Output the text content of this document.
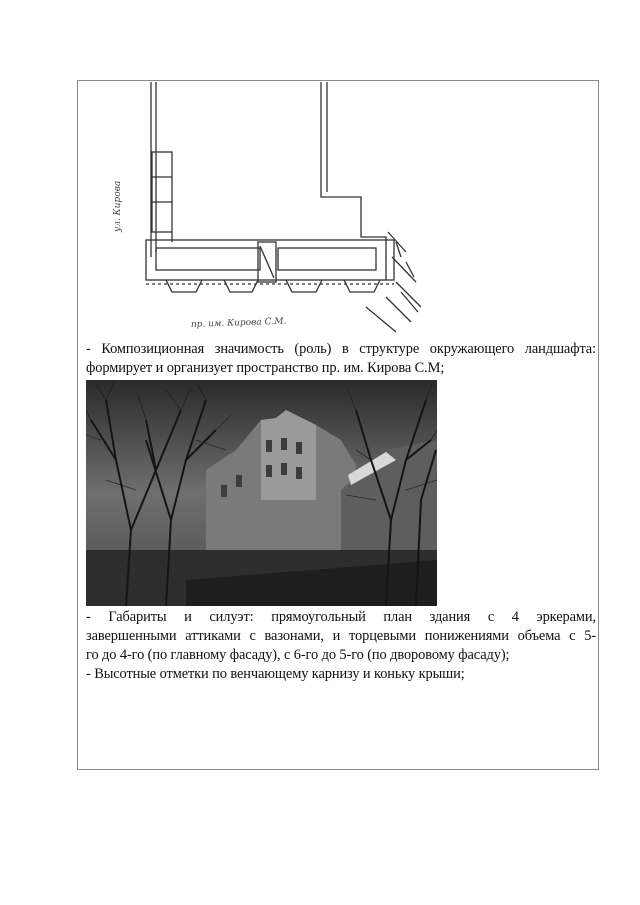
ул. Кирова
пр. им. Кирова С.М.
- Композиционная значимость (роль) в структуре окружающего ландшафта:
формирует и организует пространство пр. им. Кирова С.М;
- Габариты и силуэт: прямоугольный план здания с 4 эркерами,
завершенными аттиками с вазонами, и торцевыми понижениями объема с 5-
го до 4-го (по главному фасаду), с 6-го до 5-го (по дворовому фасаду);
- Высотные отметки по венчающему карнизу и коньку крыши;
